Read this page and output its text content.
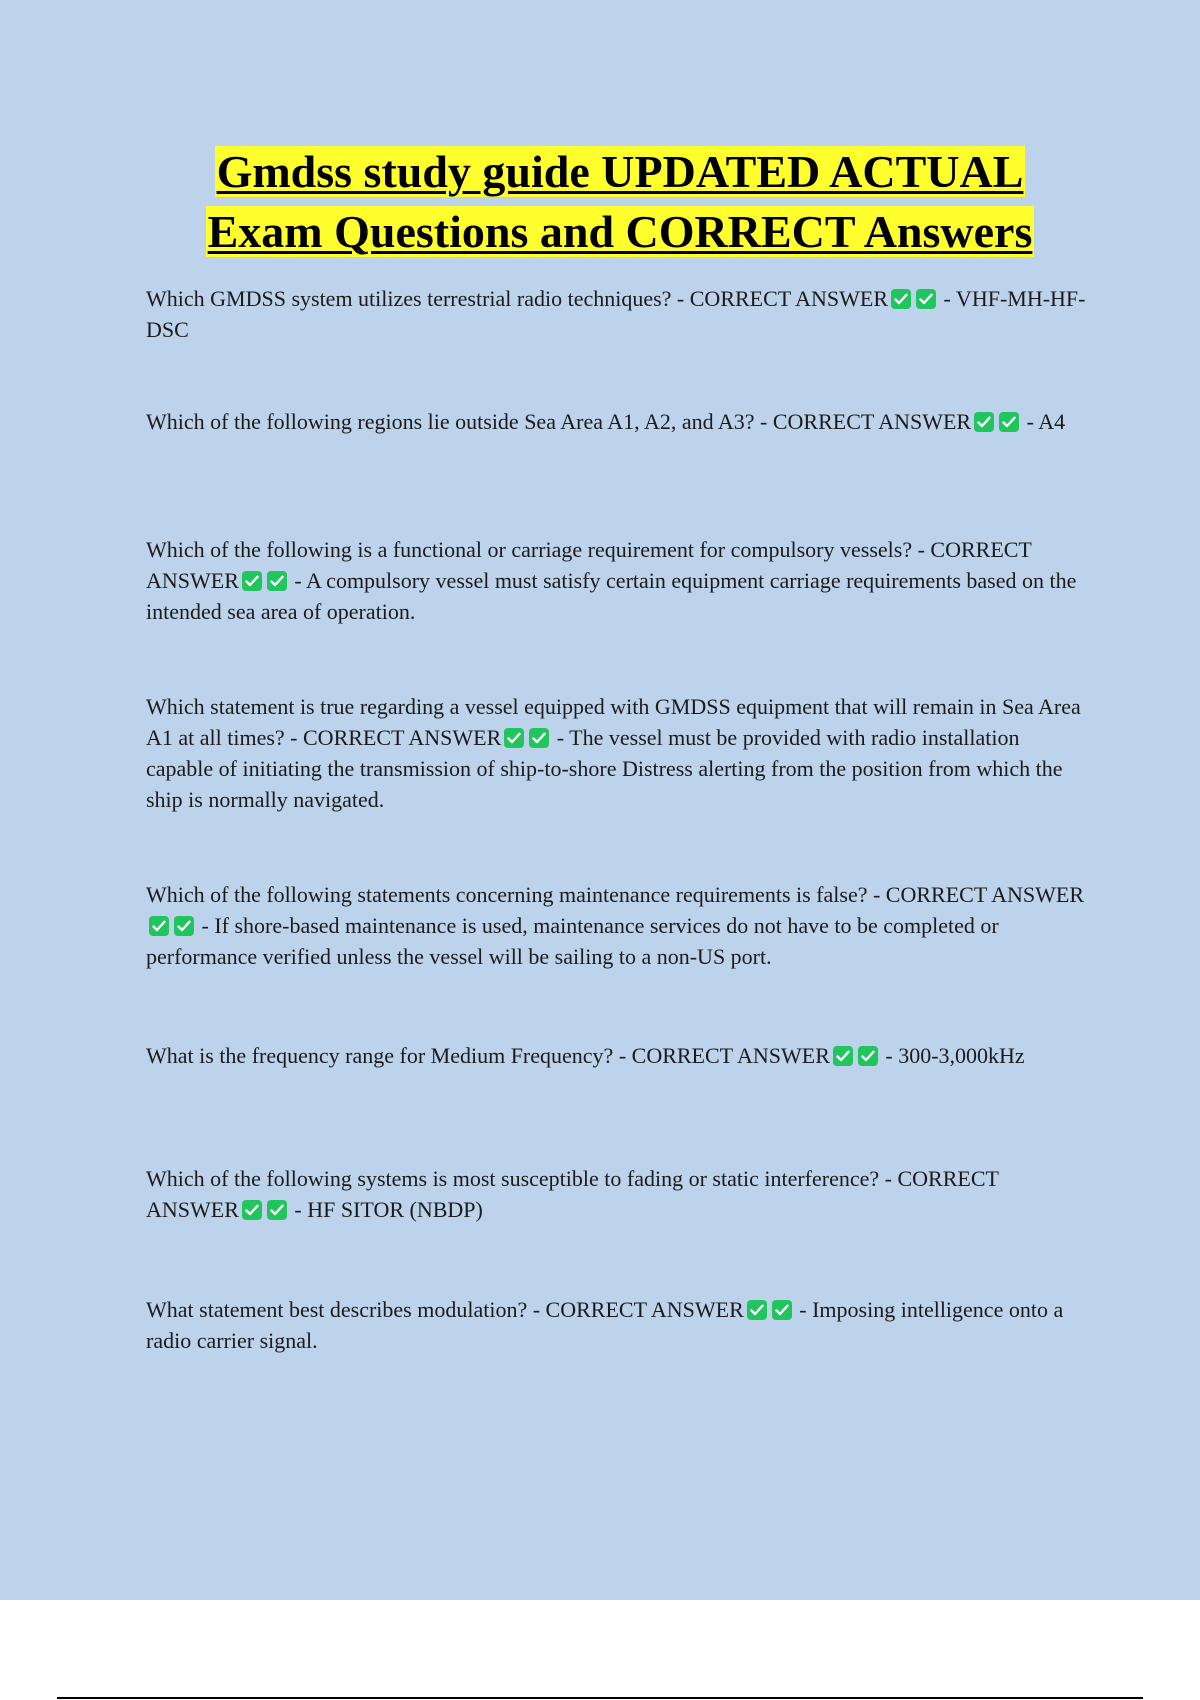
Gmdss study guide UPDATED ACTUAL
Exam Questions and CORRECT Answers
Which GMDSS system utilizes terrestrial radio techniques? - CORRECT ANSWER	- VHF-MH-HF-DSC
Which of the following regions lie outside Sea Area A1, A2, and A3? - CORRECT ANSWER	- A4
Which of the following is a functional or carriage requirement for compulsory vessels? - CORRECT ANSWER	- A compulsory vessel must satisfy certain equipment carriage requirements based on the intended sea area of operation.
Which statement is true regarding a vessel equipped with GMDSS equipment that will remain in Sea Area A1 at all times? - CORRECT ANSWER	- The vessel must be provided with radio installation capable of initiating the transmission of ship-to-shore Distress alerting from the position from which the ship is normally navigated.
Which of the following statements concerning maintenance requirements is false? - CORRECT ANSWER
- If shore-based maintenance is used, maintenance services do not have to be completed or performance verified unless the vessel will be sailing to a non-US port.
What is the frequency range for Medium Frequency? - CORRECT ANSWER	- 300-3,000kHz
Which of the following systems is most susceptible to fading or static interference? - CORRECT ANSWER	- HF SITOR (NBDP)
What statement best describes modulation? - CORRECT ANSWER	- Imposing intelligence onto a radio carrier signal.
